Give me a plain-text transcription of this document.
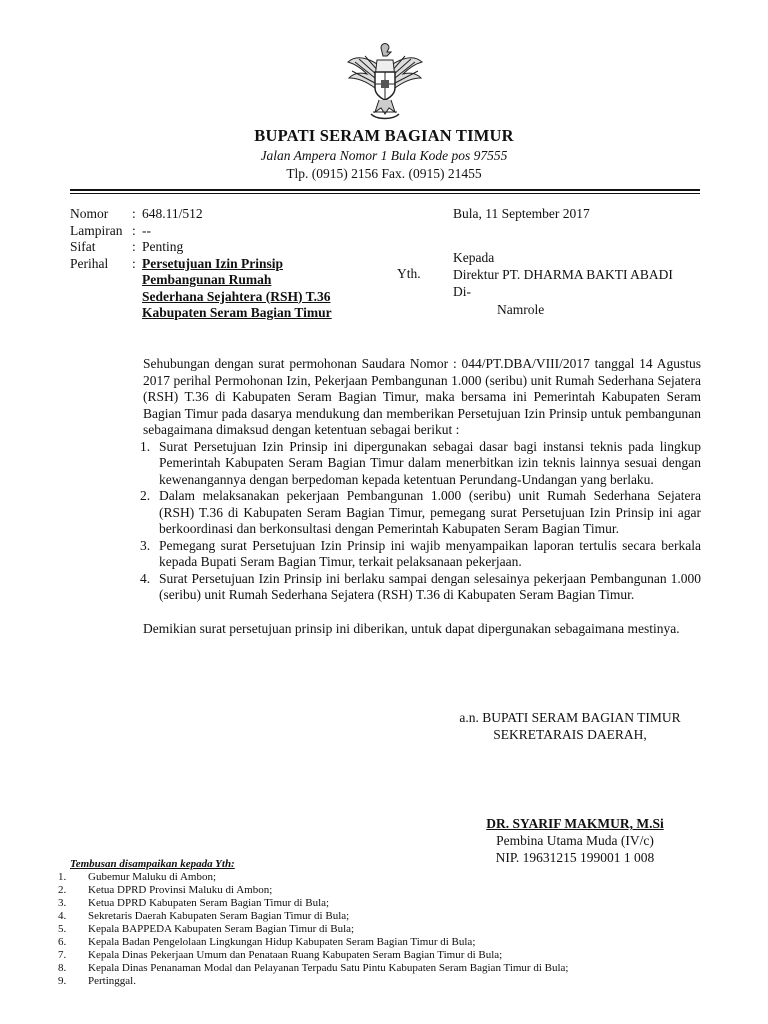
BUPATI SERAM BAGIAN TIMUR
Jalan Ampera Nomor 1 Bula Kode pos 97555
Tlp. (0915) 2156 Fax. (0915) 21455
Nomor	: 648.11/512
Lampiran : --
Sifat	: Penting
Perihal	: Persetujuan Izin Prinsip
Pembangunan Rumah
Sederhana Sejahtera (RSH) T.36
Kabupaten Seram Bagian Timur
Bula, 11 September 2017
Yth.
Kepada
Direktur PT. DHARMA BAKTI ABADI
Di-
Namrole

Sehubungan dengan surat permohonan Saudara Nomor : 044/PT.DBA/VIII/2017 tanggal 14 Agustus 2017 perihal Permohonan Izin, Pekerjaan Pembangunan 1.000 (seribu) unit Rumah Sederhana Sejatera (RSH) T.36 di Kabupaten Seram Bagian Timur, maka bersama ini Pemerintah Kabupaten Seram Bagian Timur pada dasarya mendukung dan memberikan Persetujuan Izin Prinsip untuk pembangunan sebagaimana dimaksud dengan ketentuan sebagai berikut :

1. Surat Persetujuan Izin Prinsip ini dipergunakan sebagai dasar bagi instansi teknis pada lingkup Pemerintah Kabupaten Seram Bagian Timur dalam menerbitkan izin teknis lainnya sesuai dengan kewenangannya dengan berpedoman kepada ketentuan Perundang-Undangan yang berlaku.
2. Dalam melaksanakan pekerjaan Pembangunan 1.000 (seribu) unit Rumah Sederhana Sejatera (RSH) T.36 di Kabupaten Seram Bagian Timur, pemegang surat Persetujuan Izin Prinsip ini agar berkoordinasi dan berkonsultasi dengan Pemerintah Kabupaten Seram Bagian Timur.
3. Pemegang surat Persetujuan Izin Prinsip ini wajib menyampaikan laporan tertulis secara berkala kepada Bupati Seram Bagian Timur, terkait pelaksanaan pekerjaan.
4. Surat Persetujuan Izin Prinsip ini berlaku sampai dengan selesainya pekerjaan Pembangunan 1.000 (seribu) unit Rumah Sederhana Sejatera (RSH) T.36 di Kabupaten Seram Bagian Timur.

Demikian surat persetujuan prinsip ini diberikan, untuk dapat dipergunakan sebagaimana mestinya.

a.n. BUPATI SERAM BAGIAN TIMUR
SEKRETARAIS DAERAH,
DR. SYARIF MAKMUR, M.Si
Pembina Utama Muda (IV/c)
NIP. 19631215 199001 1 008
Tembusan disampaikan kepada Yth:
1.	Gubemur Maluku di Ambon;
2.	Ketua DPRD Provinsi Maluku di Ambon;
3.	Ketua DPRD Kabupaten Seram Bagian Timur di Bula;
4.	Sekretaris Daerah Kabupaten Seram Bagian Timur di Bula;
5.	Kepala BAPPEDA Kabupaten Seram Bagian Timur di Bula;
6.	Kepala Badan Pengelolaan Lingkungan Hidup Kabupaten Seram Bagian Timur di Bula;
7.	Kepala Dinas Pekerjaan Umum dan Penataan Ruang Kabupaten Seram Bagian Timur di Bula;
8.	Kepala Dinas Penanaman Modal dan Pelayanan Terpadu Satu Pintu Kabupaten Seram Bagian Timur di Bula;
9.	Pertinggal.
